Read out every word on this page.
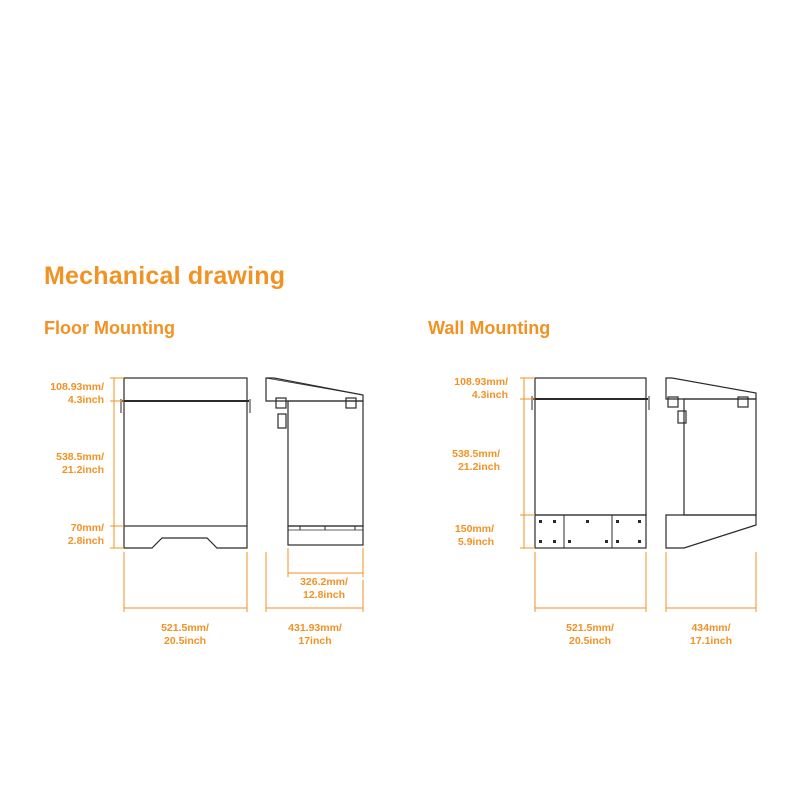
Mechanical drawing
Floor Mounting	Wall Mounting
108.93mm/
4.3inch
538.5mm/
21.2inch
70mm/
2.8inch
521.5mm/
20.5inch
326.2mm/
12.8inch
431.93mm/
17inch
108.93mm/
4.3inch
538.5mm/
21.2inch
150mm/
5.9inch
521.5mm/
20.5inch
434mm/
17.1inch
